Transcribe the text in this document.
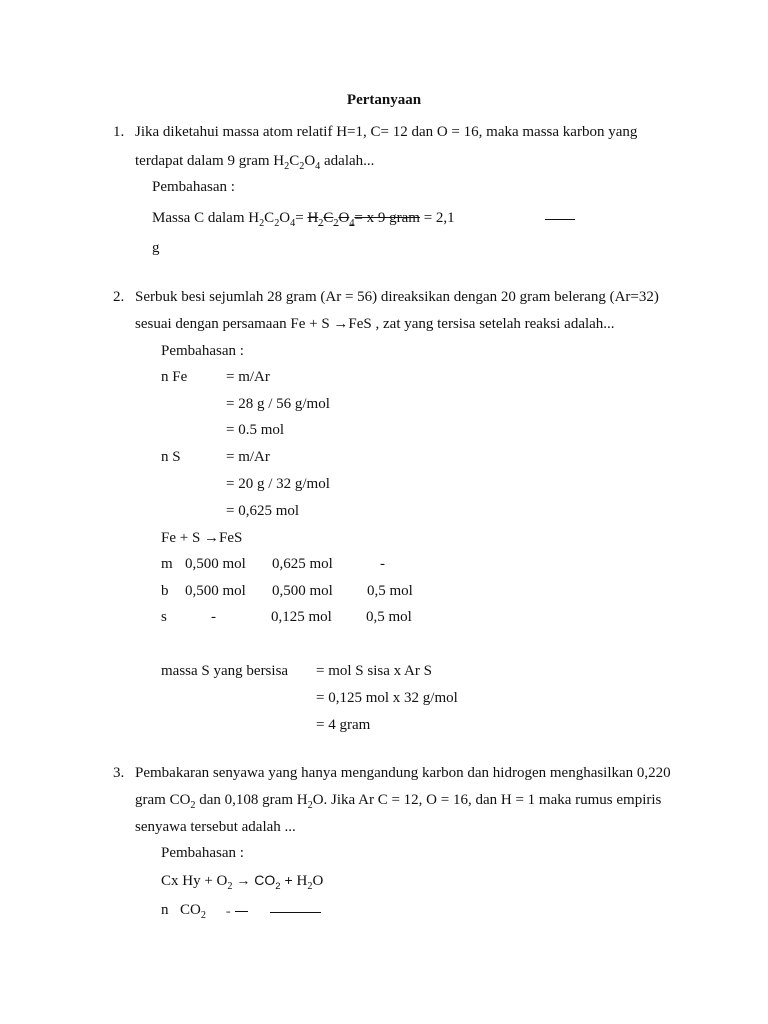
Pertanyaan
1. Jika diketahui massa atom relatif H=1, C= 12 dan O = 16, maka massa karbon yang
terdapat dalam 9 gram $H_2C_2O_4$ adalah...
Pembahasan :
Massa C dalam $H_2C_2O_4= H_2C_2O_4= x$ 9 gram = 2,1
g
2. Serbuk besi sejumlah 28 gram (Ar = 56) direaksikan dengan 20 gram belerang (Ar=32)
sesuai dengan persamaan Fe + S →FeS , zat yang tersisa setelah reaksi adalah...
Pembahasan :
n Fe	= m/Ar
= 28 g / 56 g/mol
= 0.5 mol
n S	= m/Ar
= 20 g / 32 g/mol
= 0,625 mol
Fe + S →FeS
m 0,500 mol 0,625 mol	-
b 0,500 mol 0,500 mol 0,5 mol
s	-	0,125 mol 0,5 mol
massa S yang bersisa = mol S sisa x Ar S
= 0,125 mol x 32 g/mol
= 4 gram
3. Pembakaran senyawa yang hanya mengandung karbon dan hidrogen menghasilkan 0,220
gram $CO_2$ dan 0,108 gram $H_2O$. Jika Ar C = 12, O = 16, dan H = 1 maka rumus empiris
senyawa tersebut adalah ...
Pembahasan :
Cx $Hy + O_2 \to CO_2 + H_2O$
n $CO_2$	=
